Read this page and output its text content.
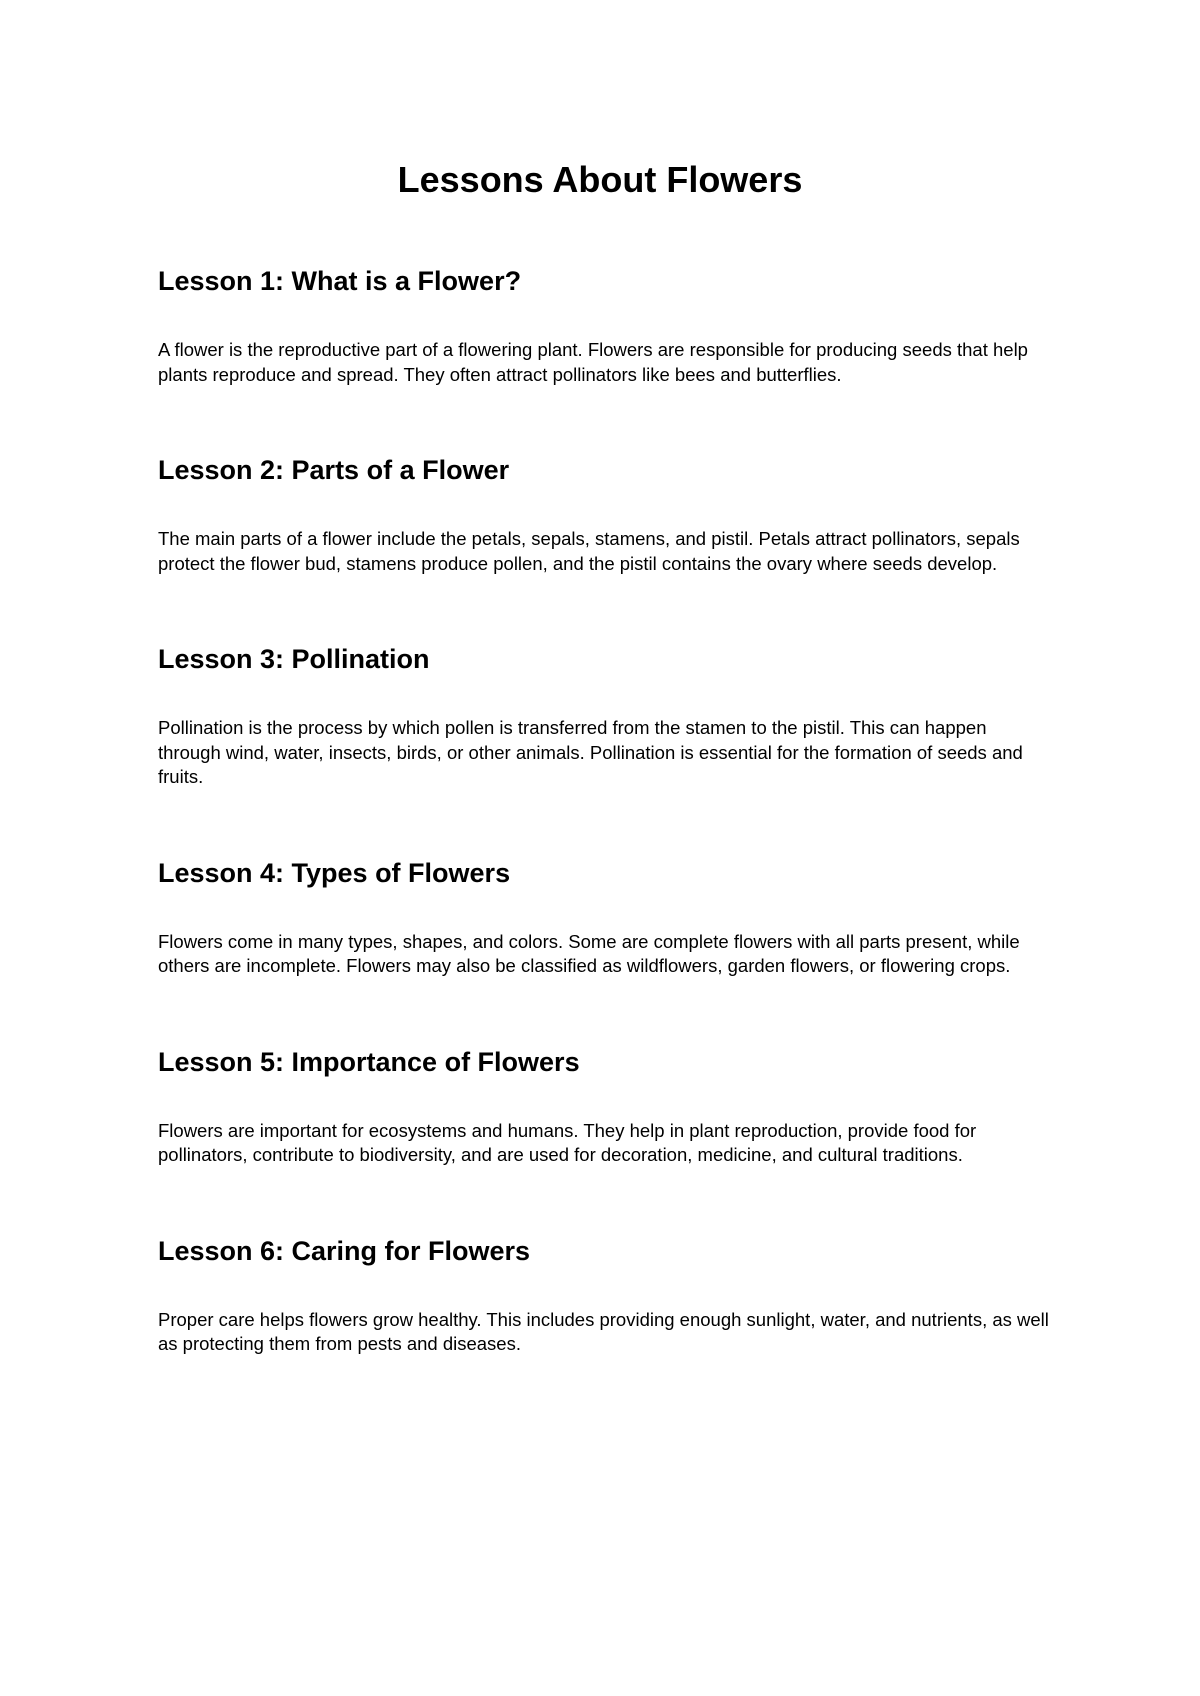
Lessons About Flowers
Lesson 1: What is a Flower?

A flower is the reproductive part of a flowering plant. Flowers are responsible for producing seeds that help plants reproduce and spread. They often attract pollinators like bees and butterflies.

Lesson 2: Parts of a Flower

The main parts of a flower include the petals, sepals, stamens, and pistil. Petals attract pollinators, sepals protect the flower bud, stamens produce pollen, and the pistil contains the ovary where seeds develop.

Lesson 3: Pollination

Pollination is the process by which pollen is transferred from the stamen to the pistil. This can happen through wind, water, insects, birds, or other animals. Pollination is essential for the formation of seeds and fruits.

Lesson 4: Types of Flowers

Flowers come in many types, shapes, and colors. Some are complete flowers with all parts present, while others are incomplete. Flowers may also be classified as wildflowers, garden flowers, or flowering crops.

Lesson 5: Importance of Flowers

Flowers are important for ecosystems and humans. They help in plant reproduction, provide food for pollinators, contribute to biodiversity, and are used for decoration, medicine, and cultural traditions.

Lesson 6: Caring for Flowers

Proper care helps flowers grow healthy. This includes providing enough sunlight, water, and nutrients, as well as protecting them from pests and diseases.
